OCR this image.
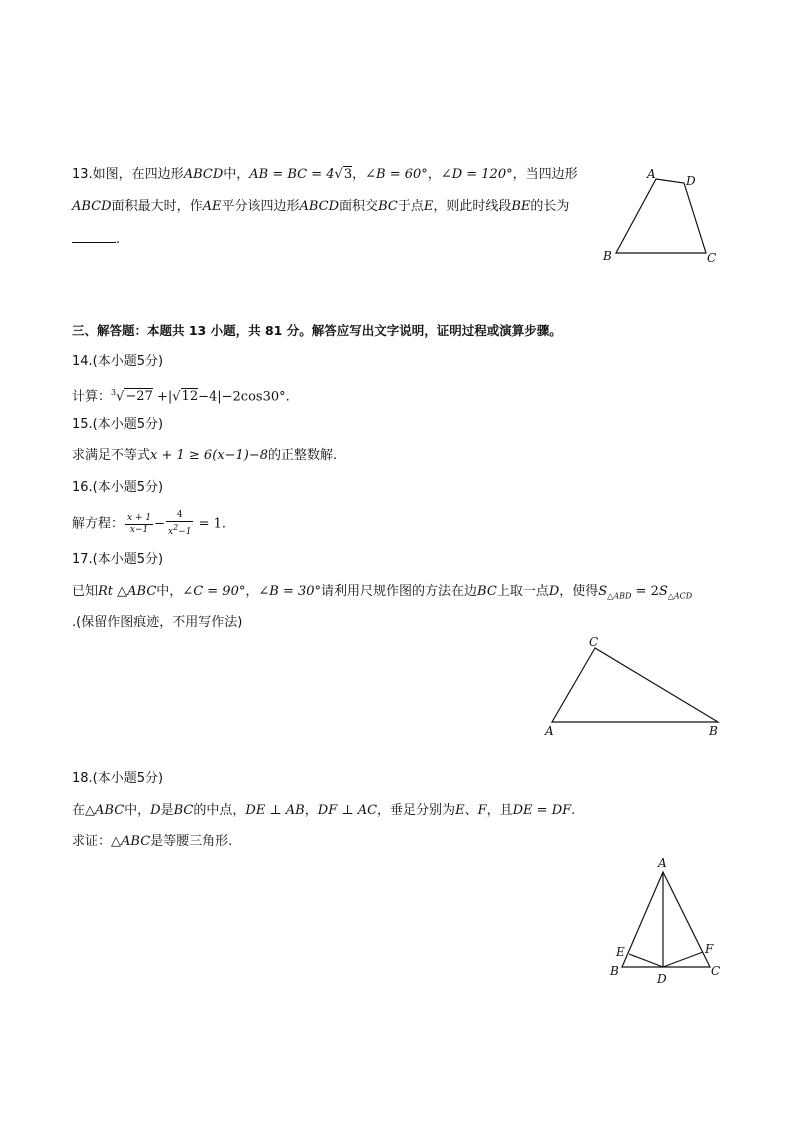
13.如图，在四边形ABCD中，AB = BC = 4√3，∠B = 60°，∠D = 120°，当四边形
ABCD面积最大时，作AE平分该四边形ABCD面积交BC于点E，则此时线段BE的长为
.
A	D
B	C
三、解答题：本题共 13 小题，共 81 分。解答应写出文字说明，证明过程或演算步骤。
14.(本小题5分)
计算：$^3$√−27 +|√12−4|−2cos30°.
15.(本小题5分)
求满足不等式x + 1 ≥ 6(x−1)−8的正整数解.
16.(本小题5分)
解方程： $\frac{x + 1}{x-1} - \frac{4}{x^2-1} = 1$.
17.(本小题5分)
已知Rt △ABC中，∠C = 90°，∠B = 30°请利用尺规作图的方法在边BC上取一点D，使得$S_{\triangle ABD} = 2S_{\triangle ACD}$
.(保留作图痕迹，不用写作法)
C
A	B
18.(本小题5分)
在△ABC中，D是BC的中点，DE ⊥ AB，DF ⊥ AC，垂足分别为E、F，且DE = DF.
求证：△ABC是等腰三角形.
A
E	F
B
D
C
